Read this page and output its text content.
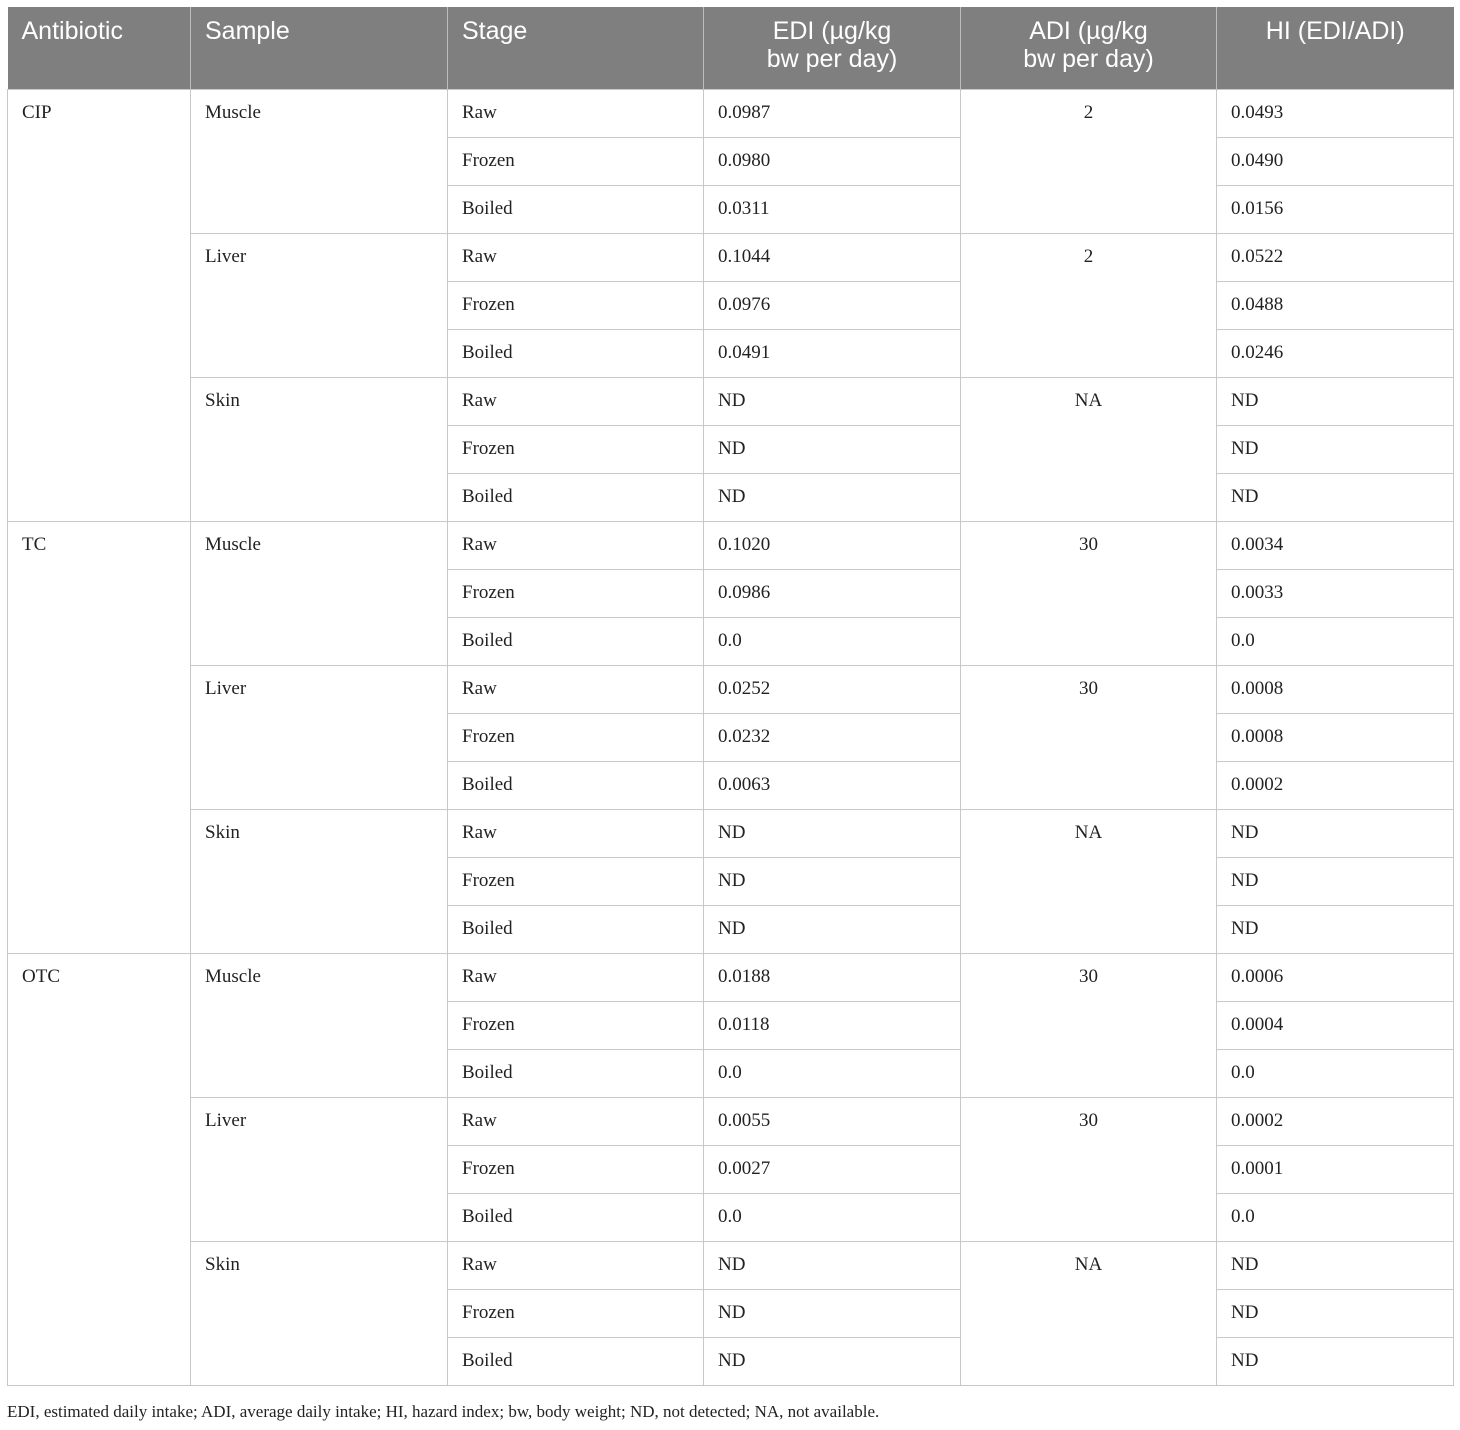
Antibiotic	Sample	Stage	EDI (µg/kg
bw per day)	ADI (µg/kg
bw per day)	HI (EDI/ADI)
CIP	Muscle	Raw	0.0987	2	0.0493
		Frozen	0.0980		0.0490
		Boiled	0.0311		0.0156
	Liver	Raw	0.1044	2	0.0522
		Frozen	0.0976		0.0488
		Boiled	0.0491		0.0246
	Skin	Raw	ND	NA	ND
		Frozen	ND		ND
		Boiled	ND		ND
TC	Muscle	Raw	0.1020	30	0.0034
		Frozen	0.0986		0.0033
		Boiled	0.0		0.0
	Liver	Raw	0.0252	30	0.0008
		Frozen	0.0232		0.0008
		Boiled	0.0063		0.0002
	Skin	Raw	ND	NA	ND
		Frozen	ND		ND
		Boiled	ND		ND
OTC	Muscle	Raw	0.0188	30	0.0006
		Frozen	0.0118		0.0004
		Boiled	0.0		0.0
	Liver	Raw	0.0055	30	0.0002
		Frozen	0.0027		0.0001
		Boiled	0.0		0.0
	Skin	Raw	ND	NA	ND
		Frozen	ND		ND
		Boiled	ND		ND
EDI, estimated daily intake; ADI, average daily intake; HI, hazard index; bw, body weight; ND, not detected; NA, not available.
